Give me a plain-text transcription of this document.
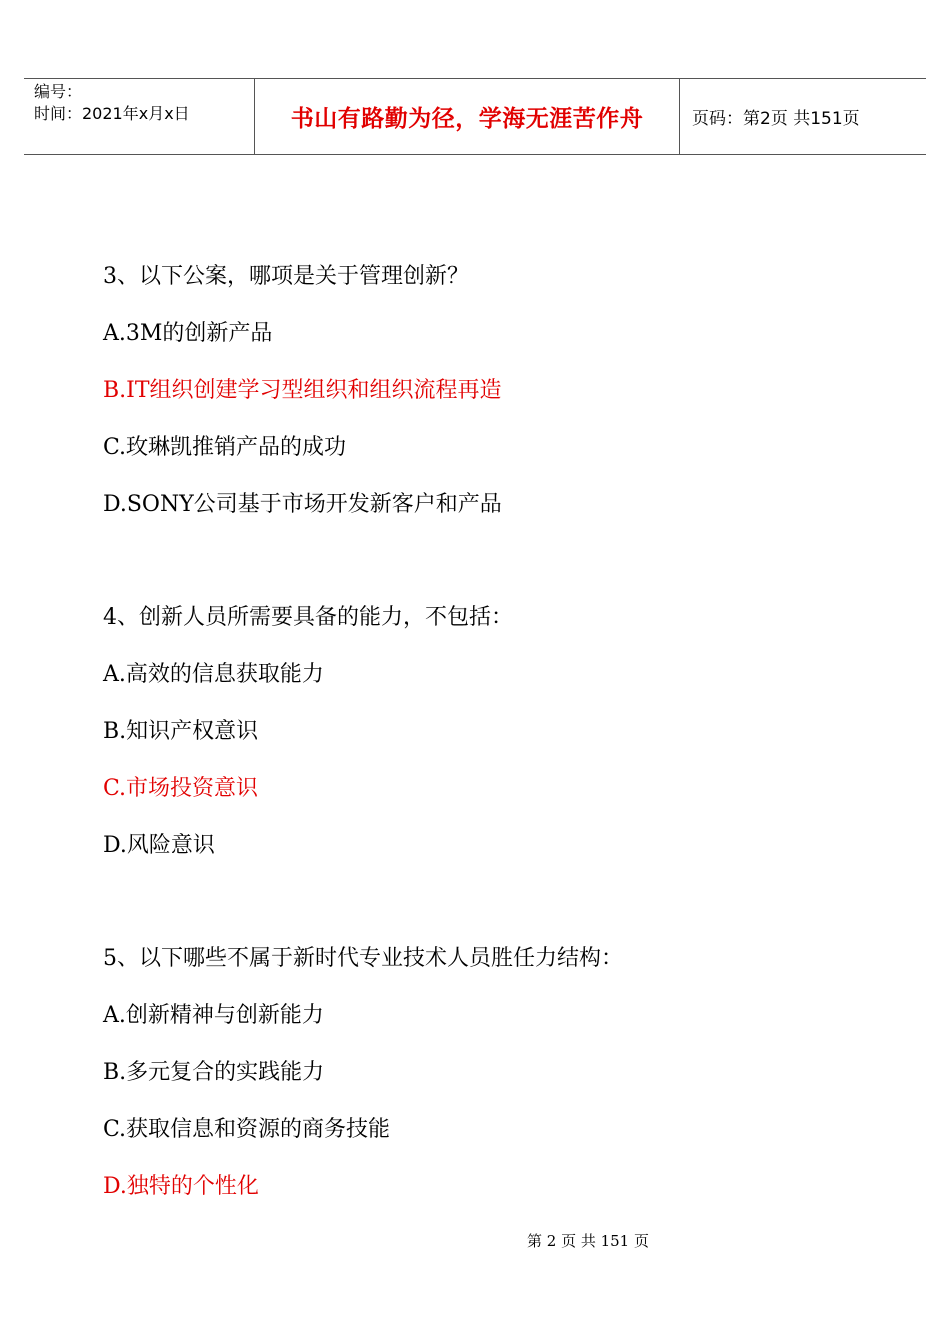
编号：
时间：2021年x月x日	书山有路勤为径，学海无涯苦作舟	页码：第2页 共151页
3、以下公案，哪项是关于管理创新？
A.3M的创新产品
B.IT组织创建学习型组织和组织流程再造
C.玫琳凯推销产品的成功
D.SONY公司基于市场开发新客户和产品
4、创新人员所需要具备的能力，不包括：
A.高效的信息获取能力
B.知识产权意识
C.市场投资意识
D.风险意识
5、以下哪些不属于新时代专业技术人员胜任力结构：
A.创新精神与创新能力
B.多元复合的实践能力
C.获取信息和资源的商务技能
D.独特的个性化
第 2 页 共 151 页
